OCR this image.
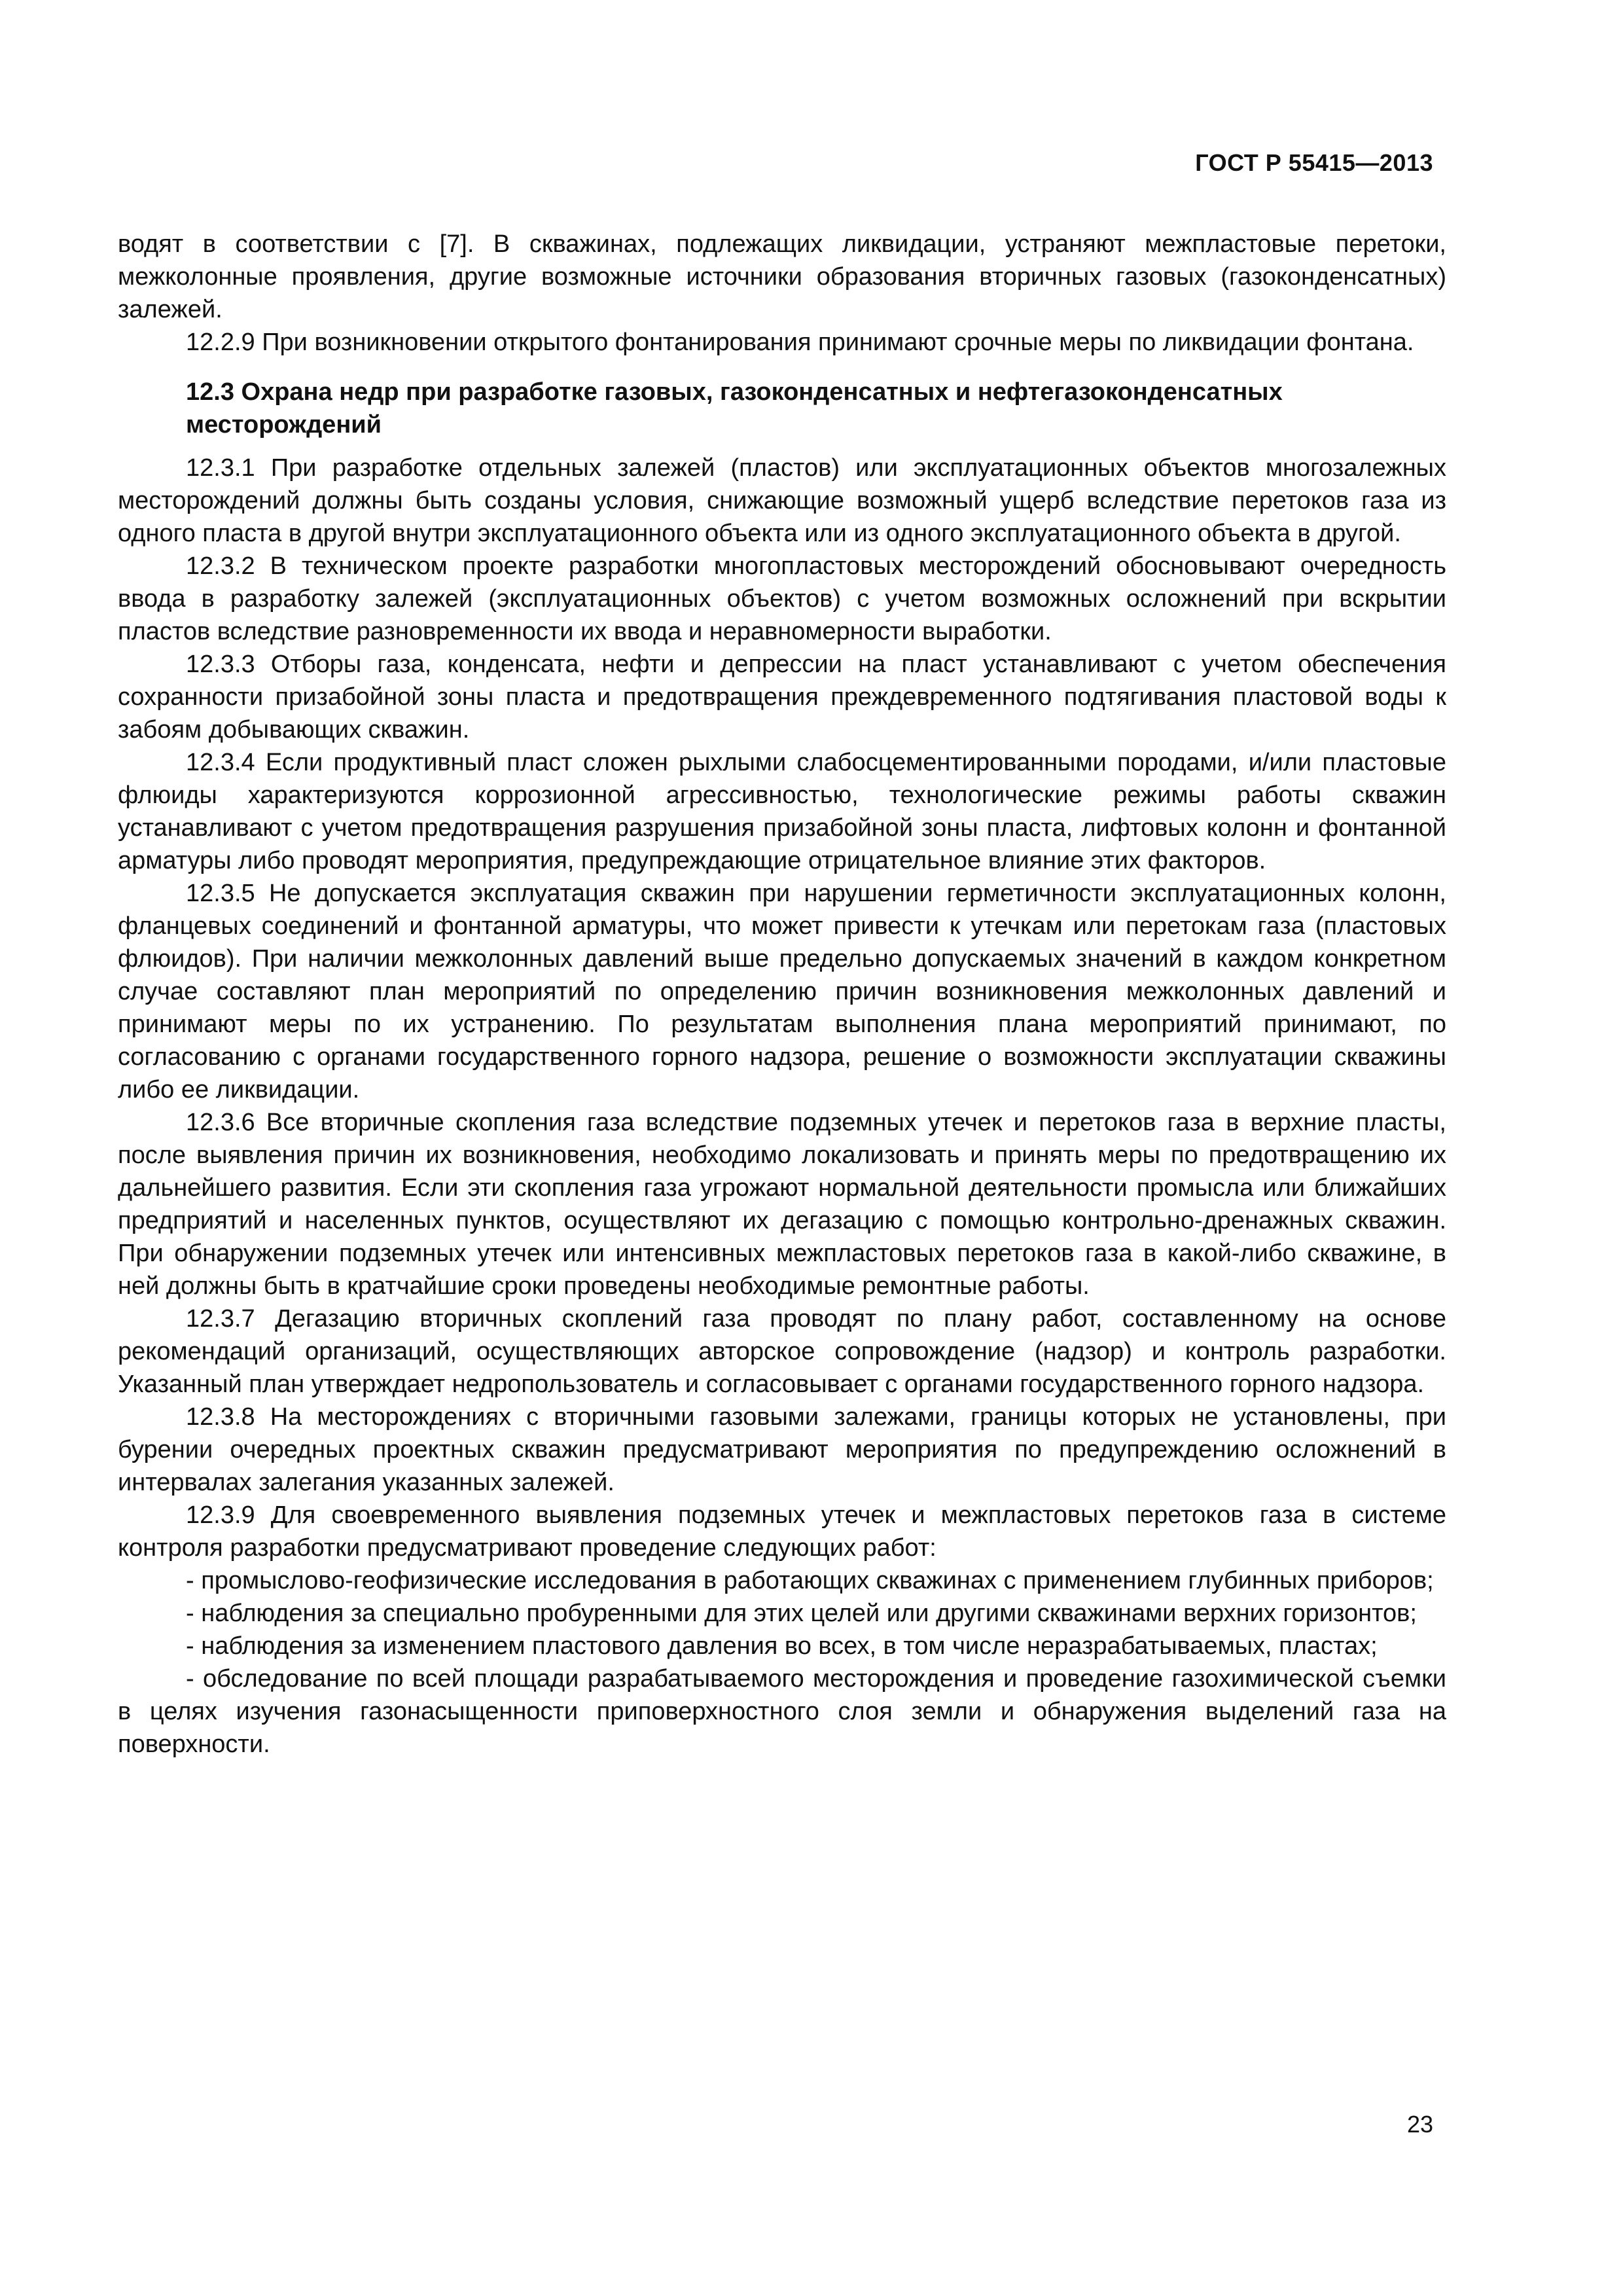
ГОСТ Р 55415—2013

водят в соответствии с [7]. В скважинах, подлежащих ликвидации, устраняют межпластовые перетоки, межколонные проявления, другие возможные источники образования вторичных газовых (газоконденсатных) залежей.

12.2.9 При возникновении открытого фонтанирования принимают срочные меры по ликвидации фонтана.

12.3 Охрана недр при разработке газовых, газоконденсатных и нефтегазоконденсатных месторождений

12.3.1 При разработке отдельных залежей (пластов) или эксплуатационных объектов многозалежных месторождений должны быть созданы условия, снижающие возможный ущерб вследствие перетоков газа из одного пласта в другой внутри эксплуатационного объекта или из одного эксплуатационного объекта в другой.

12.3.2 В техническом проекте разработки многопластовых месторождений обосновывают очередность ввода в разработку залежей (эксплуатационных объектов) с учетом возможных осложнений при вскрытии пластов вследствие разновременности их ввода и неравномерности выработки.

12.3.3 Отборы газа, конденсата, нефти и депрессии на пласт устанавливают с учетом обеспечения сохранности призабойной зоны пласта и предотвращения преждевременного подтягивания пластовой воды к забоям добывающих скважин.

12.3.4 Если продуктивный пласт сложен рыхлыми слабосцементированными породами, и/или пластовые флюиды характеризуются коррозионной агрессивностью, технологические режимы работы скважин устанавливают с учетом предотвращения разрушения призабойной зоны пласта, лифтовых колонн и фонтанной арматуры либо проводят мероприятия, предупреждающие отрицательное влияние этих факторов.

12.3.5 Не допускается эксплуатация скважин при нарушении герметичности эксплуатационных колонн, фланцевых соединений и фонтанной арматуры, что может привести к утечкам или перетокам газа (пластовых флюидов). При наличии межколонных давлений выше предельно допускаемых значений в каждом конкретном случае составляют план мероприятий по определению причин возникновения межколонных давлений и принимают меры по их устранению. По результатам выполнения плана мероприятий принимают, по согласованию с органами государственного горного надзора, решение о возможности эксплуатации скважины либо ее ликвидации.

12.3.6 Все вторичные скопления газа вследствие подземных утечек и перетоков газа в верхние пласты, после выявления причин их возникновения, необходимо локализовать и принять меры по предотвращению их дальнейшего развития. Если эти скопления газа угрожают нормальной деятельности промысла или ближайших предприятий и населенных пунктов, осуществляют их дегазацию с помощью контрольно-дренажных скважин. При обнаружении подземных утечек или интенсивных межпластовых перетоков газа в какой-либо скважине, в ней должны быть в кратчайшие сроки проведены необходимые ремонтные работы.

12.3.7 Дегазацию вторичных скоплений газа проводят по плану работ, составленному на основе рекомендаций организаций, осуществляющих авторское сопровождение (надзор) и контроль разработки. Указанный план утверждает недропользователь и согласовывает с органами государственного горного надзора.

12.3.8 На месторождениях с вторичными газовыми залежами, границы которых не установлены, при бурении очередных проектных скважин предусматривают мероприятия по предупреждению осложнений в интервалах залегания указанных залежей.

12.3.9 Для своевременного выявления подземных утечек и межпластовых перетоков газа в системе контроля разработки предусматривают проведение следующих работ:

- промыслово-геофизические исследования в работающих скважинах с применением глубинных приборов;

- наблюдения за специально пробуренными для этих целей или другими скважинами верхних горизонтов;

- наблюдения за изменением пластового давления во всех, в том числе неразрабатываемых, пластах;

- обследование по всей площади разрабатываемого месторождения и проведение газохимической съемки в целях изучения газонасыщенности приповерхностного слоя земли и обнаружения выделений газа на поверхности.

23
